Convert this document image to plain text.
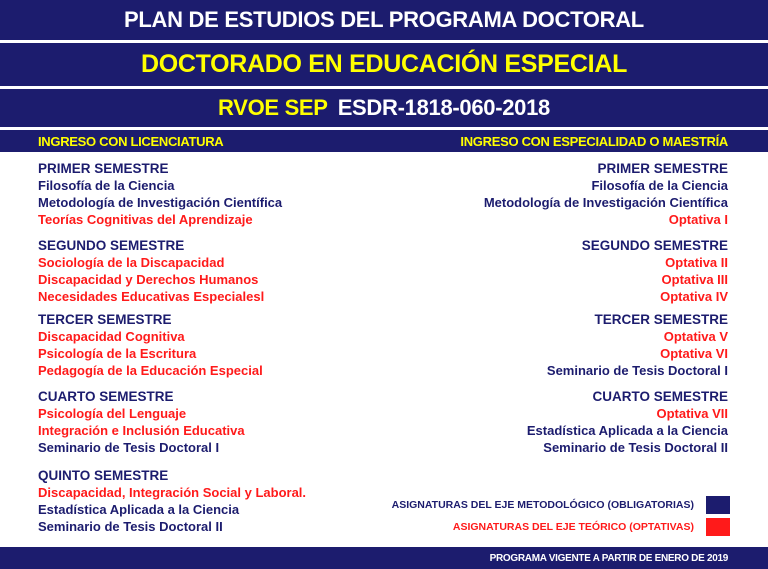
PLAN DE ESTUDIOS DEL PROGRAMA DOCTORAL
DOCTORADO EN EDUCACIÓN ESPECIAL
RVOE SEP ESDR-1818-060-2018
INGRESO CON LICENCIATURA	INGRESO CON ESPECIALIDAD O MAESTRÍA
PRIMER SEMESTRE
Filosofía de la Ciencia
Metodología de Investigación Científica
Teorías Cognitivas del Aprendizaje
SEGUNDO SEMESTRE
Sociología de la Discapacidad
Discapacidad y Derechos Humanos
Necesidades Educativas Especialesl
TERCER SEMESTRE
Discapacidad Cognitiva
Psicología de la Escritura
Pedagogía de la Educación Especial
CUARTO SEMESTRE
Psicología del Lenguaje
Integración e Inclusión Educativa
Seminario de Tesis Doctoral I
QUINTO SEMESTRE
Discapacidad, Integración Social y Laboral.
Estadística Aplicada a la Ciencia
Seminario de Tesis Doctoral II
PRIMER SEMESTRE
Filosofía de la Ciencia
Metodología de Investigación Científica
Optativa I
SEGUNDO SEMESTRE
Optativa II
Optativa III
Optativa IV
TERCER SEMESTRE
Optativa V
Optativa VI
Seminario de Tesis Doctoral I
CUARTO SEMESTRE
Optativa VII
Estadística Aplicada a la Ciencia
Seminario de Tesis Doctoral II
ASIGNATURAS DEL EJE METODOLÓGICO (OBLIGATORIAS)
ASIGNATURAS DEL EJE TEÓRICO (OPTATIVAS)
PROGRAMA VIGENTE A PARTIR DE ENERO DE 2019
